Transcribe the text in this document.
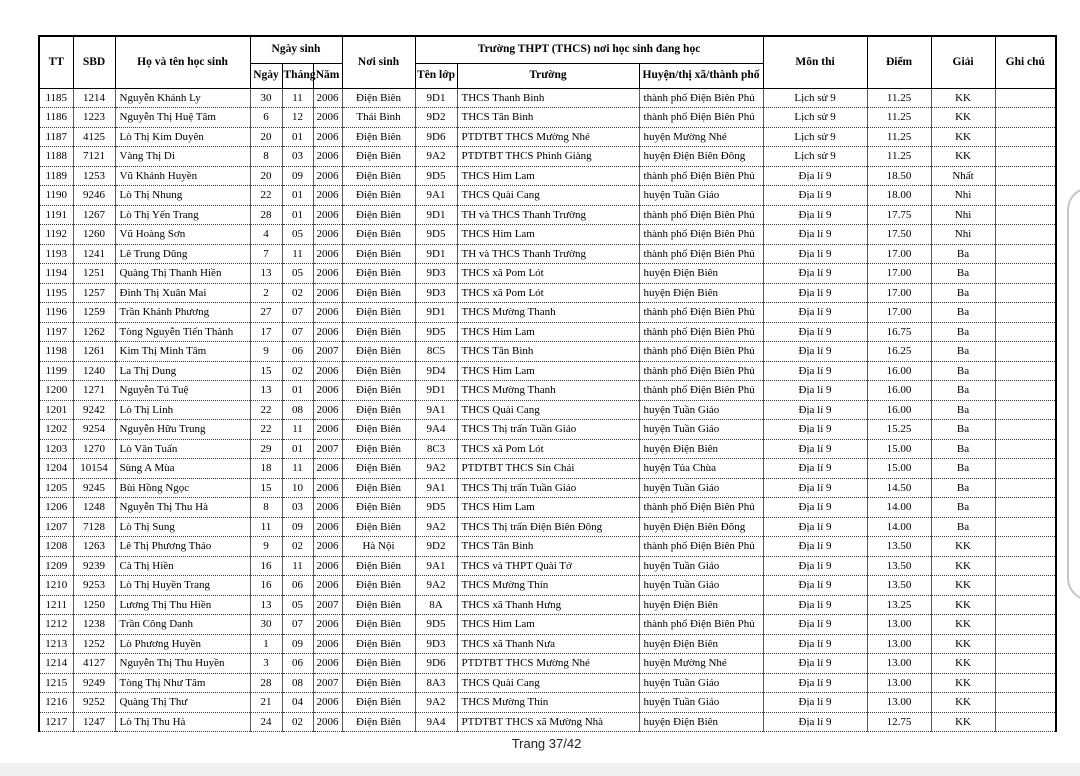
TT	SBD	Họ và tên học sinh	Ngày sinh			Nơi sinh	Trường THPT (THCS) nơi học sinh đang học			Môn thi	Điểm	Giải	Ghi chú
			Ngày	Tháng	Năm		Tên lớp	Trường	Huyện/thị xã/thành phố				
1185	1214	Nguyễn Khánh Ly	30	11	2006	Điện Biên	9D1	THCS Thanh Bình	thành phố Điện Biên Phủ	Lịch sử 9	11.25	KK	
1186	1223	Nguyễn Thị Huệ Tâm	6	12	2006	Thái Bình	9D2	THCS Tân Bình	thành phố Điện Biên Phủ	Lịch sử 9	11.25	KK	
1187	4125	Lò Thị Kim Duyên	20	01	2006	Điện Biên	9D6	PTDTBT THCS Mường Nhé	huyện Mường Nhé	Lịch sử 9	11.25	KK	
1188	7121	Vàng Thị Di	8	03	2006	Điện Biên	9A2	PTDTBT THCS Phình Giàng	huyện Điện Biên Đông	Lịch sử 9	11.25	KK	
1189	1253	Vũ Khánh Huyền	20	09	2006	Điện Biên	9D5	THCS Him Lam	thành phố Điện Biên Phủ	Địa lí 9	18.50	Nhất	
1190	9246	Lò Thị Nhung	22	01	2006	Điện Biên	9A1	THCS Quài Cang	huyện Tuần Giáo	Địa lí 9	18.00	Nhì	
1191	1267	Lò Thị Yến Trang	28	01	2006	Điện Biên	9D1	TH và THCS Thanh Trường	thành phố Điện Biên Phủ	Địa lí 9	17.75	Nhì	
1192	1260	Vũ Hoàng Sơn	4	05	2006	Điện Biên	9D5	THCS Him Lam	thành phố Điện Biên Phủ	Địa lí 9	17.50	Nhì	
1193	1241	Lê Trung Dũng	7	11	2006	Điện Biên	9D1	TH và THCS Thanh Trường	thành phố Điện Biên Phủ	Địa lí 9	17.00	Ba	
1194	1251	Quàng Thị Thanh Hiền	13	05	2006	Điện Biên	9D3	THCS xã Pom Lót	huyện Điện Biên	Địa lí 9	17.00	Ba	
1195	1257	Đinh Thị Xuân Mai	2	02	2006	Điện Biên	9D3	THCS xã Pom Lót	huyện Điện Biên	Địa lí 9	17.00	Ba	
1196	1259	Trần Khánh Phương	27	07	2006	Điện Biên	9D1	THCS Mường Thanh	thành phố Điện Biên Phủ	Địa lí 9	17.00	Ba	
1197	1262	Tòng Nguyễn Tiến Thành	17	07	2006	Điện Biên	9D5	THCS Him Lam	thành phố Điện Biên Phủ	Địa lí 9	16.75	Ba	
1198	1261	Kim Thị Minh Tâm	9	06	2007	Điện Biên	8C5	THCS Tân Bình	thành phố Điện Biên Phủ	Địa lí 9	16.25	Ba	
1199	1240	La Thị Dung	15	02	2006	Điện Biên	9D4	THCS Him Lam	thành phố Điện Biên Phủ	Địa lí 9	16.00	Ba	
1200	1271	Nguyễn Tú Tuệ	13	01	2006	Điện Biên	9D1	THCS Mường Thanh	thành phố Điện Biên Phủ	Địa lí 9	16.00	Ba	
1201	9242	Lò Thị Linh	22	08	2006	Điện Biên	9A1	THCS Quài Cang	huyện Tuần Giáo	Địa lí 9	16.00	Ba	
1202	9254	Nguyễn Hữu Trung	22	11	2006	Điện Biên	9A4	THCS Thị trấn Tuần Giáo	huyện Tuần Giáo	Địa lí 9	15.25	Ba	
1203	1270	Lò Văn Tuấn	29	01	2007	Điện Biên	8C3	THCS xã Pom Lót	huyện Điện Biên	Địa lí 9	15.00	Ba	
1204	10154	Sùng A Mùa	18	11	2006	Điện Biên	9A2	PTDTBT THCS Sín Chải	huyện Tủa Chùa	Địa lí 9	15.00	Ba	
1205	9245	Bùi Hồng Ngọc	15	10	2006	Điện Biên	9A1	THCS Thị trấn Tuần Giáo	huyện Tuần Giáo	Địa lí 9	14.50	Ba	
1206	1248	Nguyễn Thị Thu Hà	8	03	2006	Điện Biên	9D5	THCS Him Lam	thành phố Điện Biên Phủ	Địa lí 9	14.00	Ba	
1207	7128	Lò Thị Sung	11	09	2006	Điện Biên	9A2	THCS Thị trấn Điện Biên Đông	huyện Điện Biên Đông	Địa lí 9	14.00	Ba	
1208	1263	Lê Thị Phương Thảo	9	02	2006	Hà Nội	9D2	THCS Tân Bình	thành phố Điện Biên Phủ	Địa lí 9	13.50	KK	
1209	9239	Cà Thị Hiền	16	11	2006	Điện Biên	9A1	THCS và THPT Quài Tở	huyện Tuần Giáo	Địa lí 9	13.50	KK	
1210	9253	Lò Thị Huyền Trang	16	06	2006	Điện Biên	9A2	THCS Mường Thín	huyện Tuần Giáo	Địa lí 9	13.50	KK	
1211	1250	Lương Thị Thu Hiền	13	05	2007	Điện Biên	8A	THCS xã Thanh Hưng	huyện Điện Biên	Địa lí 9	13.25	KK	
1212	1238	Trần Công Danh	30	07	2006	Điện Biên	9D5	THCS Him Lam	thành phố Điện Biên Phủ	Địa lí 9	13.00	KK	
1213	1252	Lò Phương Huyền	1	09	2006	Điện Biên	9D3	THCS xã Thanh Nưa	huyện Điện Biên	Địa lí 9	13.00	KK	
1214	4127	Nguyễn Thị Thu Huyền	3	06	2006	Điện Biên	9D6	PTDTBT THCS Mường Nhé	huyện Mường Nhé	Địa lí 9	13.00	KK	
1215	9249	Tòng Thị Như Tâm	28	08	2007	Điện Biên	8A3	THCS Quài Cang	huyện Tuần Giáo	Địa lí 9	13.00	KK	
1216	9252	Quàng Thị Thư	21	04	2006	Điện Biên	9A2	THCS Mường Thín	huyện Tuần Giáo	Địa lí 9	13.00	KK	
1217	1247	Lò Thị Thu Hà	24	02	2006	Điện Biên	9A4	PTDTBT THCS xã Mường Nhà	huyện Điện Biên	Địa lí 9	12.75	KK	
Trang 37/42
